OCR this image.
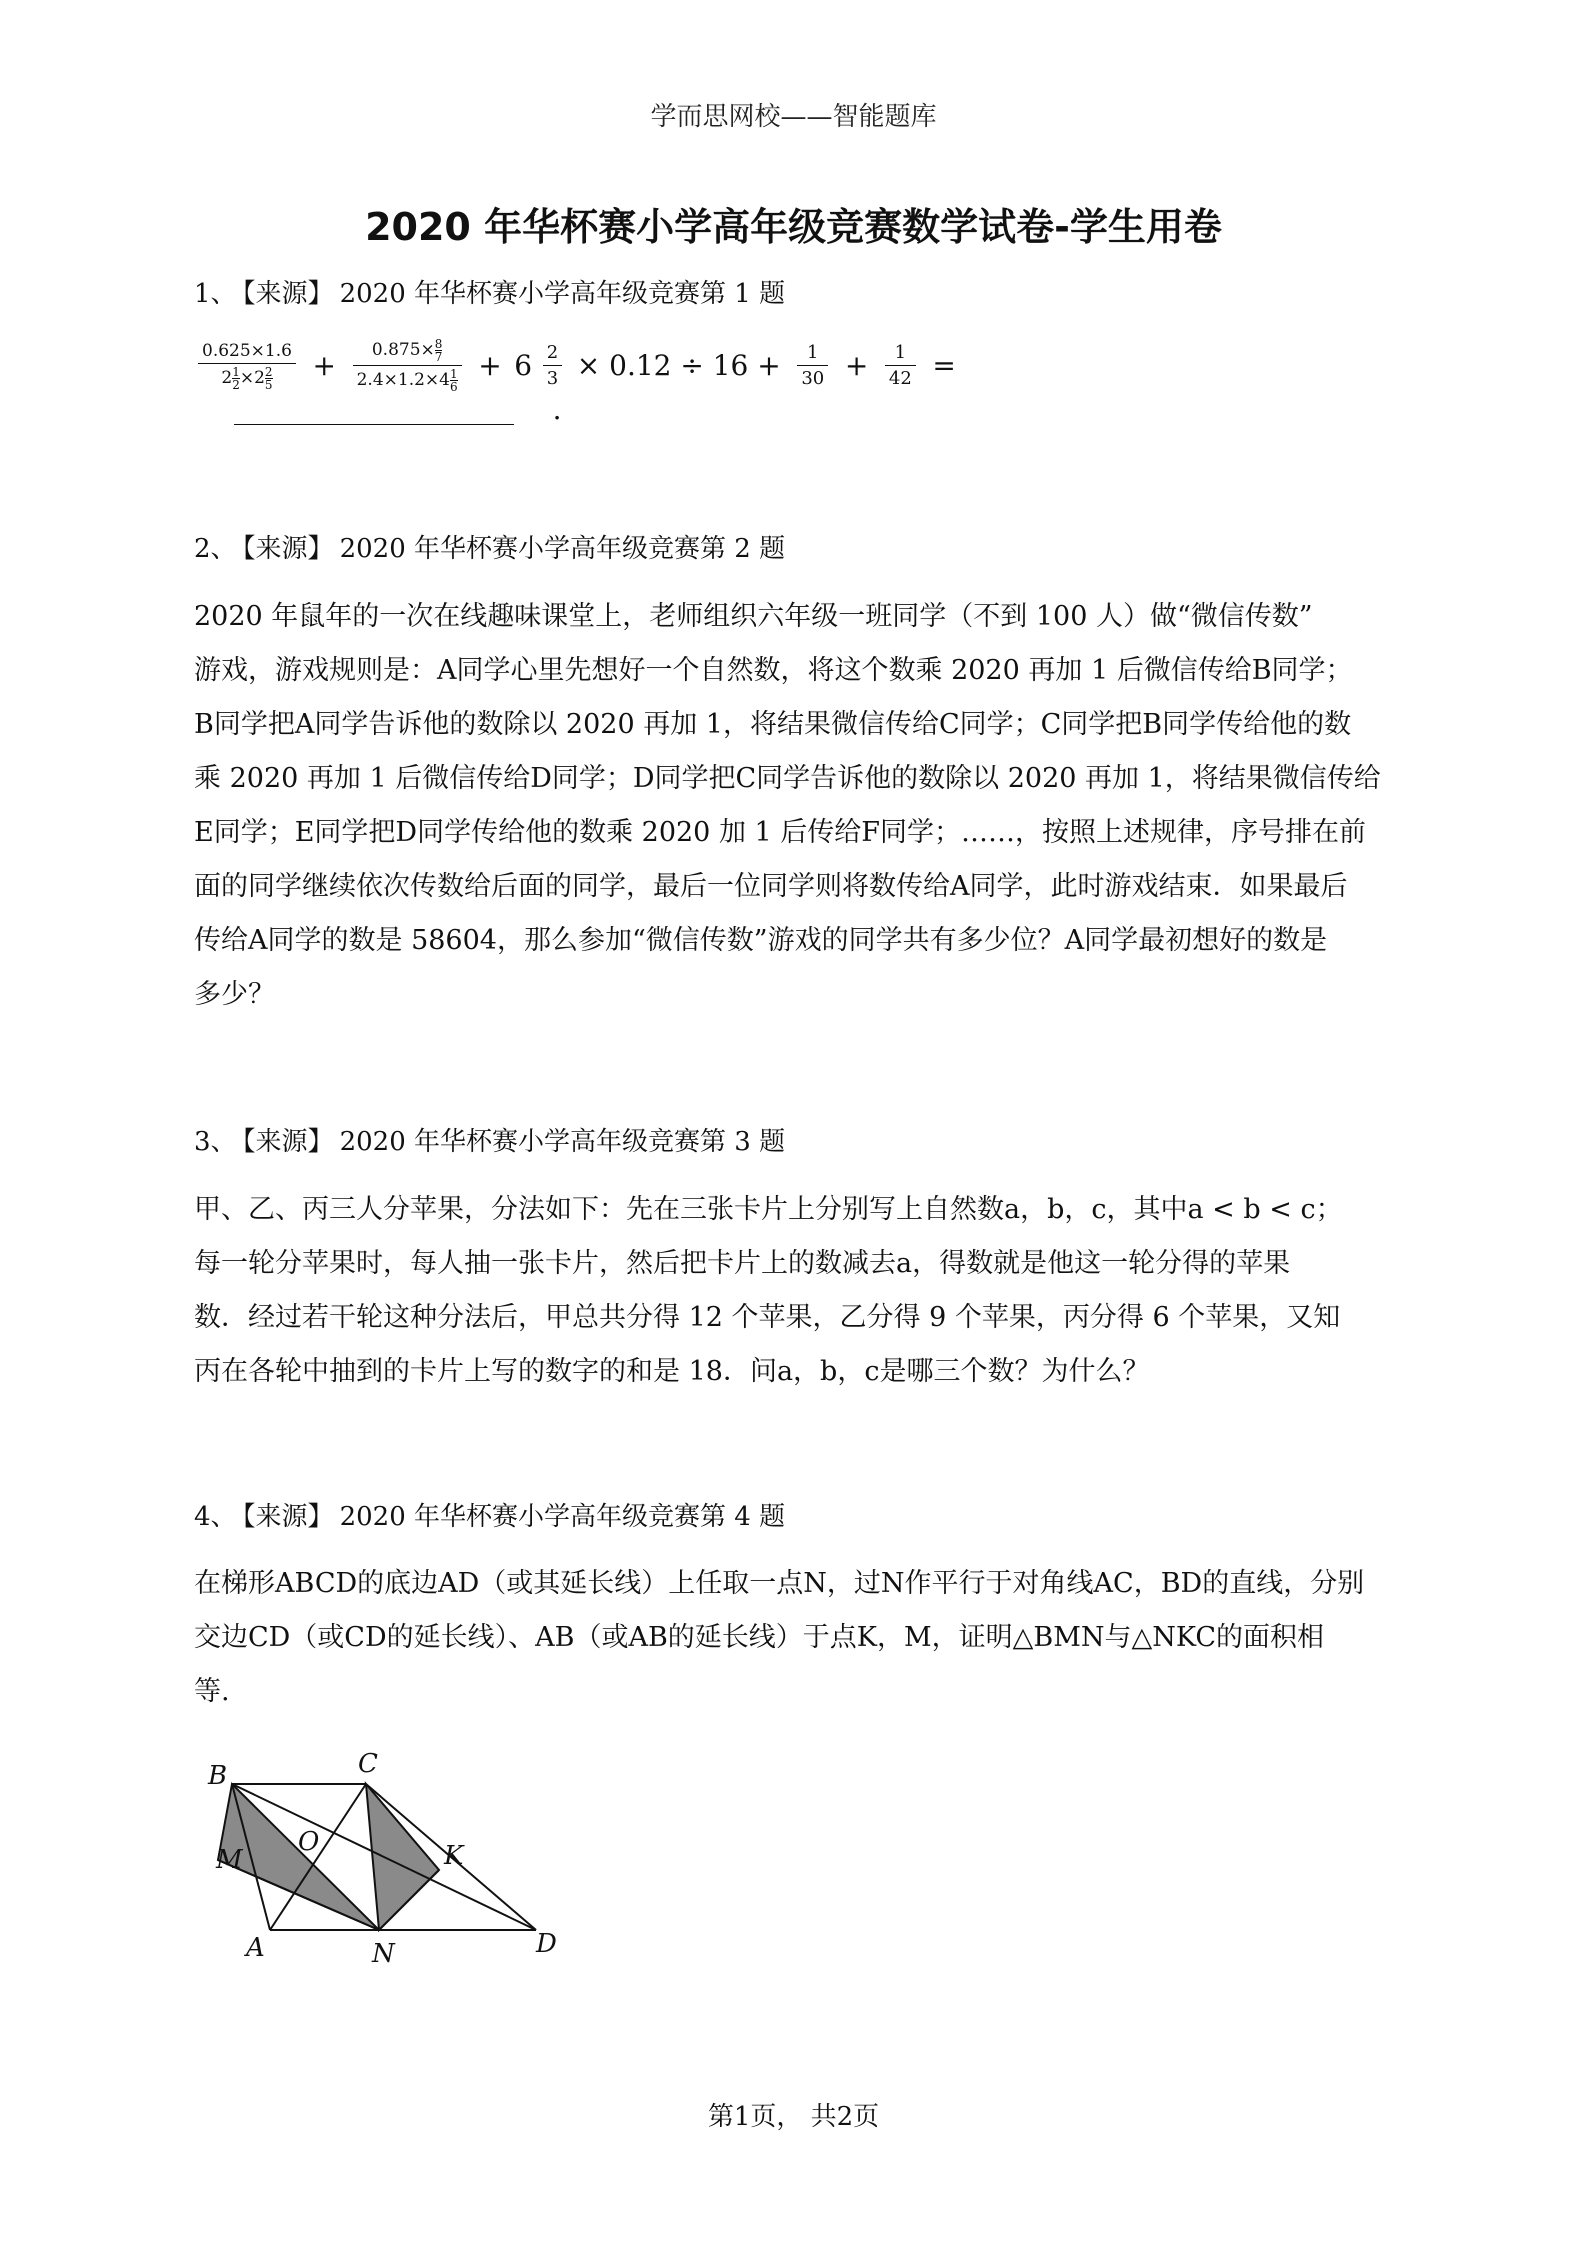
学而思网校——智能题库
2020 年华杯赛小学高年级竞赛数学试卷-学生用卷
1、 【来源】 2020 年华杯赛小学高年级竞赛第 1 题
$\frac{0.625\times 1.6}{2 \frac{1}{2} \times 2 \frac{2}{5}} + \frac{0.875\times \frac{8}{7}}{2.4\times 1.2\times 4 \frac{1}{6}} + 6 \frac{2}{3} \times 0.12 \div 16 + \frac{1}{30} + \frac{1}{42}$ =  .
2、 【来源】 2020 年华杯赛小学高年级竞赛第 2 题

2020 年鼠年的一次在线趣味课堂上，老师组织六年级一班同学（不到 100 人）做“微信传数”

游戏，游戏规则是：A同学心里先想好一个自然数，将这个数乘 2020 再加 1 后微信传给B同学；

B同学把A同学告诉他的数除以 2020 再加 1，将结果微信传给C同学；C同学把B同学传给他的数

乘 2020 再加 1 后微信传给D同学；D同学把C同学告诉他的数除以 2020 再加 1，将结果微信传给

E同学；E同学把D同学传给他的数乘 2020 加 1 后传给F同学；……，按照上述规律，序号排在前

面的同学继续依次传数给后面的同学，最后一位同学则将数传给A同学，此时游戏结束．如果最后

传给A同学的数是 58604，那么参加“微信传数”游戏的同学共有多少位？A同学最初想好的数是

多少？

3、 【来源】 2020 年华杯赛小学高年级竞赛第 3 题

甲、乙、丙三人分苹果，分法如下：先在三张卡片上分别写上自然数a，b，c，其中a < b < c；

每一轮分苹果时，每人抽一张卡片，然后把卡片上的数减去a，得数就是他这一轮分得的苹果

数．经过若干轮这种分法后，甲总共分得 12 个苹果，乙分得 9 个苹果，丙分得 6 个苹果，又知

丙在各轮中抽到的卡片上写的数字的和是 18．问a，b，c是哪三个数？为什么？

4、 【来源】 2020 年华杯赛小学高年级竞赛第 4 题

在梯形ABCD的底边AD（或其延长线）上任取一点N，过N作平行于对角线AC，BD的直线，分别

交边CD（或CD的延长线）、AB（或AB的延长线）于点K，M，证明△BMN与△NKC的面积相

等.

B	C
O	K
M
A	N	D
第1页， 共2页
